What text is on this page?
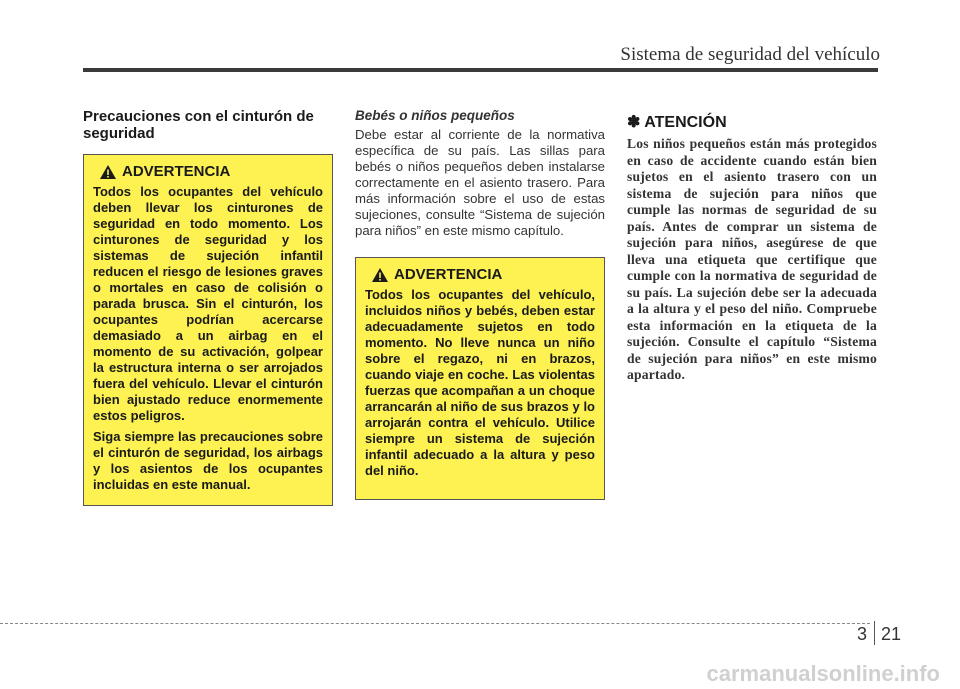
Sistema de seguridad del vehículo
Precauciones con el cinturón de
seguridad
ADVERTENCIA

Todos los ocupantes del vehículo deben llevar los cinturones de seguridad en todo momento. Los cinturones de seguridad y los sistemas de sujeción infantil reducen el riesgo de lesiones graves o mortales en caso de colisión o parada brusca. Sin el cinturón, los ocupantes podrían acercarse demasiado a un airbag en el momento de su activación, golpear la estructura interna o ser arrojados fuera del vehículo. Llevar el cinturón bien ajustado reduce enormemente estos peligros.

Siga siempre las precauciones sobre el cinturón de seguridad, los airbags y los asientos de los ocupantes incluidas en este manual.

Bebés o niños pequeños

Debe estar al corriente de la normativa específica de su país. Las sillas para bebés o niños pequeños deben instalarse correctamente en el asiento trasero. Para más información sobre el uso de estas sujeciones, consulte “Sistema de sujeción para niños” en este mismo capítulo.

ADVERTENCIA

Todos los ocupantes del vehículo, incluidos niños y bebés, deben estar adecuadamente sujetos en todo momento. No lleve nunca un niño sobre el regazo, ni en brazos, cuando viaje en coche. Las violentas fuerzas que acompañan a un choque arrancarán al niño de sus brazos y lo arrojarán contra el vehículo. Utilice siempre un sistema de sujeción infantil adecuado a la altura y peso del niño.

✽ ATENCIÓN

Los niños pequeños están más protegidos en caso de accidente cuando están bien sujetos en el asiento trasero con un sistema de sujeción para niños que cumple las normas de seguridad de su país. Antes de comprar un sistema de sujeción para niños, asegúrese de que lleva una etiqueta que certifique que cumple con la normativa de seguridad de su país. La sujeción debe ser la adecuada a la altura y el peso del niño. Compruebe esta información en la etiqueta de la sujeción. Consulte el capítulo “Sistema de sujeción para niños” en este mismo apartado.

3 21
carmanualsonline.info
